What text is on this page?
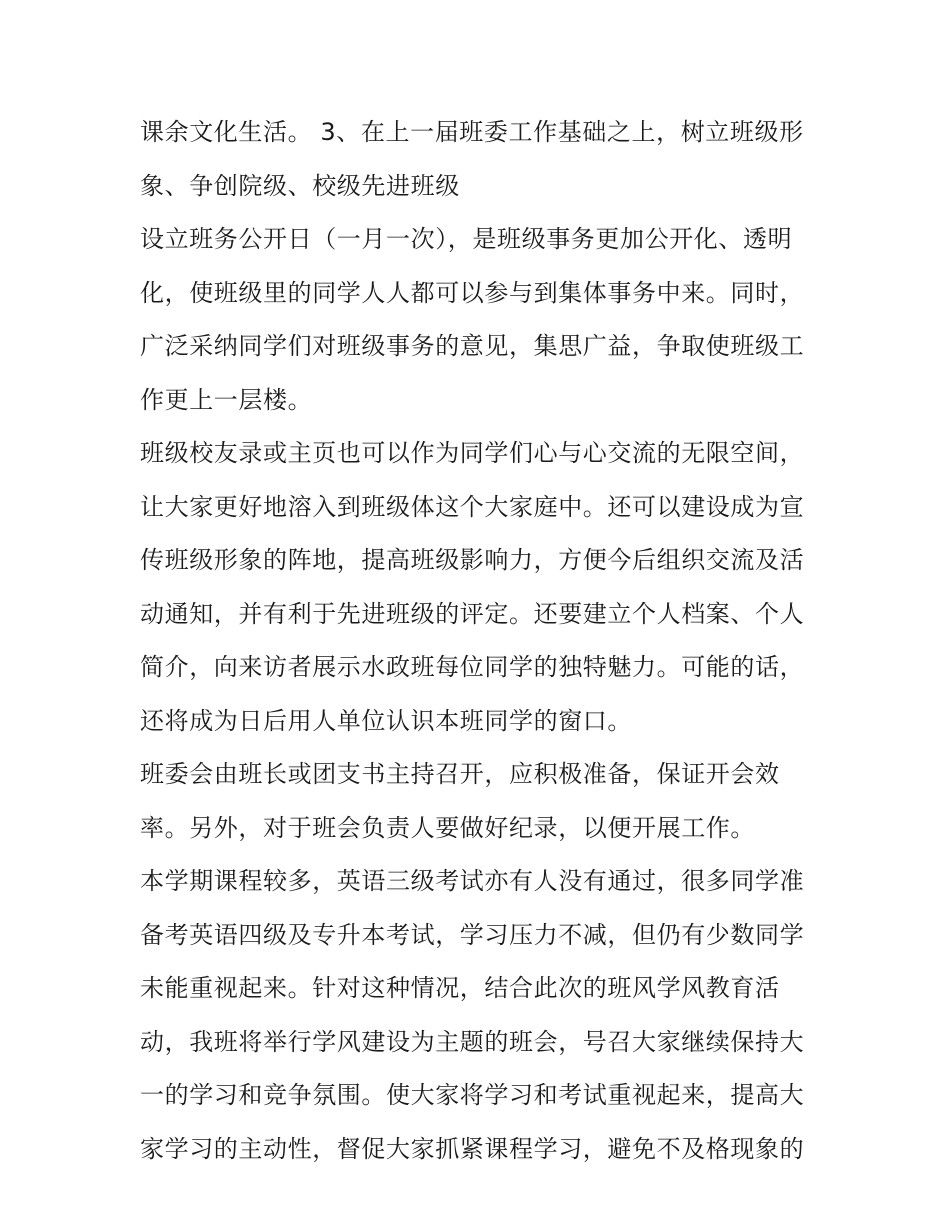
课余文化生活。 3、在上一届班委工作基础之上，树立班级形
象、争创院级、校级先进班级
设立班务公开日（一月一次），是班级事务更加公开化、透明
化，使班级里的同学人人都可以参与到集体事务中来。同时，
广泛采纳同学们对班级事务的意见，集思广益，争取使班级工
作更上一层楼。
班级校友录或主页也可以作为同学们心与心交流的无限空间，
让大家更好地溶入到班级体这个大家庭中。还可以建设成为宣
传班级形象的阵地，提高班级影响力，方便今后组织交流及活
动通知，并有利于先进班级的评定。还要建立个人档案、个人
简介，向来访者展示水政班每位同学的独特魅力。可能的话，
还将成为日后用人单位认识本班同学的窗口。
班委会由班长或团支书主持召开，应积极准备，保证开会效
率。另外，对于班会负责人要做好纪录，以便开展工作。
本学期课程较多，英语三级考试亦有人没有通过，很多同学准
备考英语四级及专升本考试，学习压力不减，但仍有少数同学
未能重视起来。针对这种情况，结合此次的班风学风教育活
动，我班将举行学风建设为主题的班会，号召大家继续保持大
一的学习和竞争氛围。使大家将学习和考试重视起来，提高大
家学习的主动性，督促大家抓紧课程学习，避免不及格现象的
